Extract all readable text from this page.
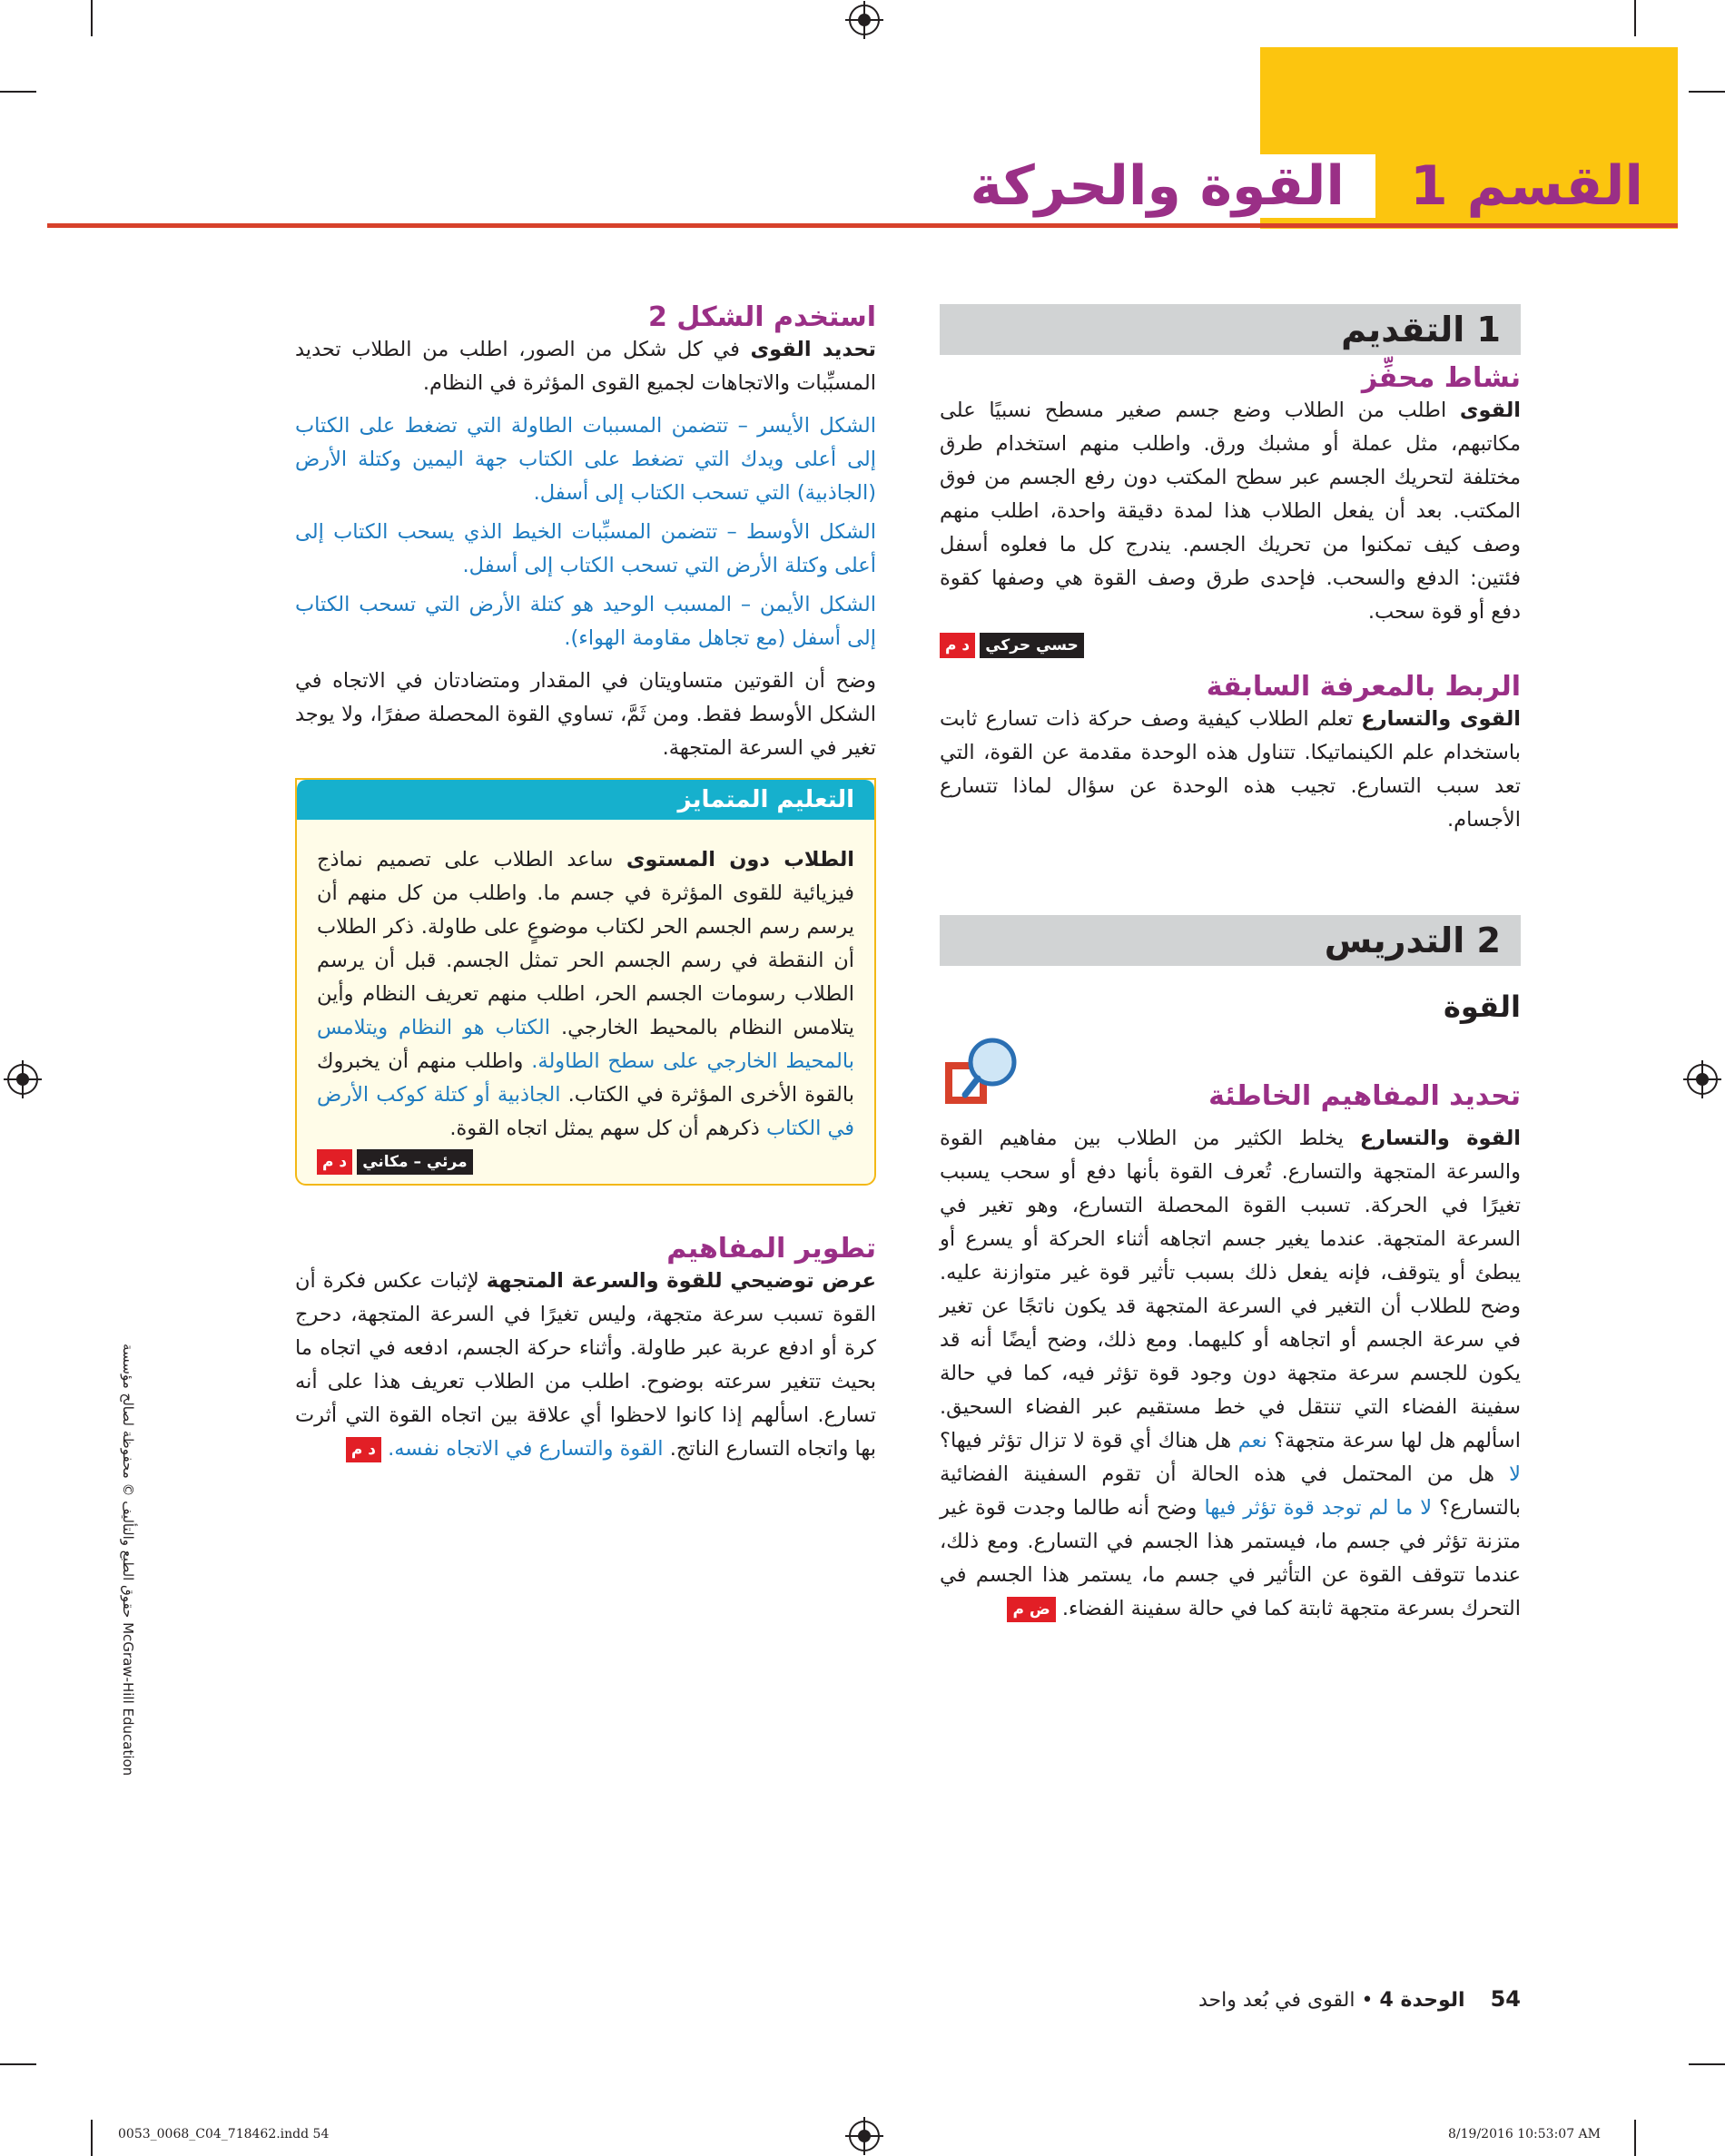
القسم 1
القوة والحركة
1

التقديم
نشاط محفِّز

القوى اطلب من الطلاب وضع جسم صغير مسطح نسبيًا على مكاتبهم، مثل عملة أو مشبك ورق. واطلب منهم استخدام طرق مختلفة لتحريك الجسم عبر سطح المكتب دون رفع الجسم من فوق المكتب. بعد أن يفعل الطلاب هذا لمدة دقيقة واحدة، اطلب منهم وصف كيف تمكنوا من تحريك الجسم. يندرج كل ما فعلوه أسفل فئتين: الدفع والسحب. فإحدى طرق وصف القوة هي وصفها كقوة دفع أو قوة سحب.

حسي حركي د م
الربط بالمعرفة السابقة

القوى والتسارع تعلم الطلاب كيفية وصف حركة ذات تسارع ثابت باستخدام علم الكينماتيكا. تتناول هذه الوحدة مقدمة عن القوة، التي تعد سبب التسارع. تجيب هذه الوحدة عن سؤال لماذا تتسارع الأجسام.

2

التدريس
القوة
تحديد المفاهيم الخاطئة

القوة والتسارع يخلط الكثير من الطلاب بين مفاهيم القوة والسرعة المتجهة والتسارع. تُعرف القوة بأنها دفع أو سحب يسبب تغيرًا في الحركة. تسبب القوة المحصلة التسارع، وهو تغير في السرعة المتجهة. عندما يغير جسم اتجاهه أثناء الحركة أو يسرع أو يبطئ أو يتوقف، فإنه يفعل ذلك بسبب تأثير قوة غير متوازنة عليه. وضح للطلاب أن التغير في السرعة المتجهة قد يكون ناتجًا عن تغير في سرعة الجسم أو اتجاهه أو كليهما. ومع ذلك، وضح أيضًا أنه قد يكون للجسم سرعة متجهة دون وجود قوة تؤثر فيه، كما في حالة سفينة الفضاء التي تنتقل في خط مستقيم عبر الفضاء السحيق. اسألهم هل لها سرعة متجهة؟ نعم هل هناك أي قوة لا تزال تؤثر فيها؟ لا هل من المحتمل في هذه الحالة أن تقوم السفينة الفضائية بالتسارع؟ لا ما لم توجد قوة تؤثر فيها وضح أنه طالما وجدت قوة غير متزنة تؤثر في جسم ما، فيستمر هذا الجسم في التسارع. ومع ذلك، عندما تتوقف القوة عن التأثير في جسم ما، يستمر هذا الجسم في التحرك بسرعة متجهة ثابتة كما في حالة سفينة الفضاء. ض م

استخدم الشكل 2

تحديد القوى في كل شكل من الصور، اطلب من الطلاب تحديد المسبِّبات والاتجاهات لجميع القوى المؤثرة في النظام.

الشكل الأيسر – تتضمن المسببات الطاولة التي تضغط على الكتاب إلى أعلى ويدك التي تضغط على الكتاب جهة اليمين وكتلة الأرض (الجاذبية) التي تسحب الكتاب إلى أسفل.

الشكل الأوسط – تتضمن المسبِّبات الخيط الذي يسحب الكتاب إلى أعلى وكتلة الأرض التي تسحب الكتاب إلى أسفل.

الشكل الأيمن – المسبب الوحيد هو كتلة الأرض التي تسحب الكتاب إلى أسفل (مع تجاهل مقاومة الهواء).

وضح أن القوتين متساويتان في المقدار ومتضادتان في الاتجاه في الشكل الأوسط فقط. ومن ثَمَّ، تساوي القوة المحصلة صفرًا، ولا يوجد تغير في السرعة المتجهة.

التعليم المتمايز

الطلاب دون المستوى ساعد الطلاب على تصميم نماذج فيزيائية للقوى المؤثرة في جسم ما. واطلب من كل منهم أن يرسم رسم الجسم الحر لكتاب موضوعٍ على طاولة. ذكر الطلاب أن النقطة في رسم الجسم الحر تمثل الجسم. قبل أن يرسم الطلاب رسومات الجسم الحر، اطلب منهم تعريف النظام وأين يتلامس النظام بالمحيط الخارجي. الكتاب هو النظام ويتلامس بالمحيط الخارجي على سطح الطاولة. واطلب منهم أن يخبروك بالقوة الأخرى المؤثرة في الكتاب. الجاذبية أو كتلة كوكب الأرض في الكتاب ذكرهم أن كل سهم يمثل اتجاه القوة.

مرئي – مكاني د م
تطوير المفاهيم

عرض توضيحي للقوة والسرعة المتجهة لإثبات عكس فكرة أن القوة تسبب سرعة متجهة، وليس تغيرًا في السرعة المتجهة، دحرج كرة أو ادفع عربة عبر طاولة. وأثناء حركة الجسم، ادفعه في اتجاه ما بحيث تتغير سرعته بوضوح. اطلب من الطلاب تعريف هذا على أنه تسارع. اسألهم إذا كانوا لاحظوا أي علاقة بين اتجاه القوة التي أثرت بها واتجاه التسارع الناتج. القوة والتسارع في الاتجاه نفسه. د م

حقوق الطبع والتأليف © محفوظة لصالح مؤسسة McGraw-Hill Education
54    الوحدة 4 • القوى في بُعد واحد
0053_0068_C04_718462.indd 54	8/19/2016 10:53:07 AM
